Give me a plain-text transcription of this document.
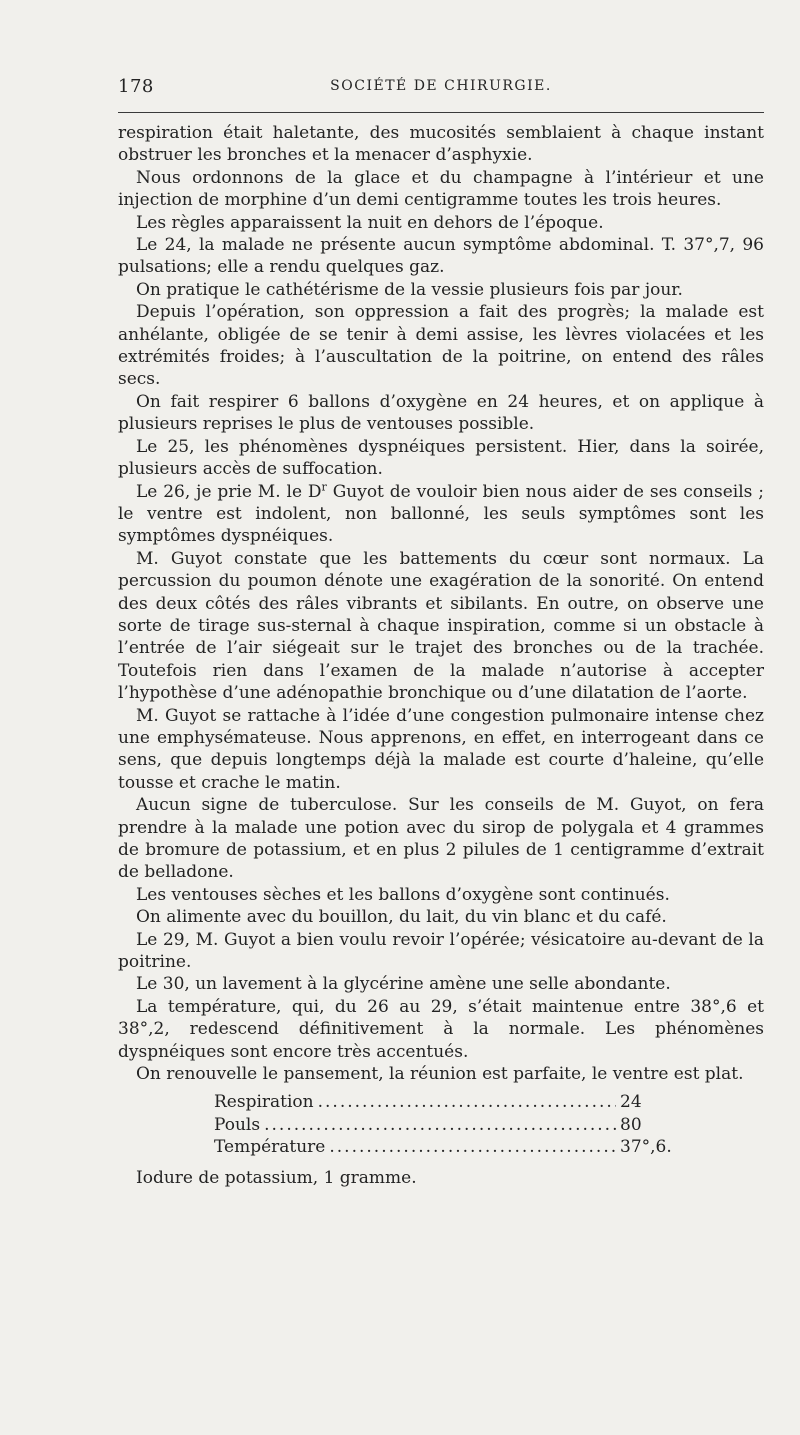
178	SOCIÉTÉ DE CHIRURGIE.

respiration était haletante, des mucosités semblaient à chaque instant obstruer les bronches et la menacer d’asphyxie.

Nous ordonnons de la glace et du champagne à l’intérieur et une injection de morphine d’un demi centigramme toutes les trois heures.

Les règles apparaissent la nuit en dehors de l’époque.

Le 24, la malade ne présente aucun symptôme abdominal. T. 37°,7, 96 pulsations; elle a rendu quelques gaz.

On pratique le cathétérisme de la vessie plusieurs fois par jour.

Depuis l’opération, son oppression a fait des progrès; la malade est anhélante, obligée de se tenir à demi assise, les lèvres violacées et les extrémités froides; à l’auscultation de la poitrine, on entend des râles secs.

On fait respirer 6 ballons d’oxygène en 24 heures, et on applique à plusieurs reprises le plus de ventouses possible.

Le 25, les phénomènes dyspnéiques persistent. Hier, dans la soirée, plusieurs accès de suffocation.

Le 26, je prie M. le $D^r$ Guyot de vouloir bien nous aider de ses conseils ; le ventre est indolent, non ballonné, les seuls symptômes sont les symptômes dyspnéiques.

M. Guyot constate que les battements du cœur sont normaux. La percussion du poumon dénote une exagération de la sonorité. On entend des deux côtés des râles vibrants et sibilants. En outre, on observe une sorte de tirage sus-sternal à chaque inspiration, comme si un obstacle à l’entrée de l’air siégeait sur le trajet des bronches ou de la trachée. Toutefois rien dans l’examen de la malade n’autorise à accepter l’hypothèse d’une adénopathie bronchique ou d’une dilatation de l’aorte.

M. Guyot se rattache à l’idée d’une congestion pulmonaire intense chez une emphysémateuse. Nous apprenons, en effet, en interrogeant dans ce sens, que depuis longtemps déjà la malade est courte d’haleine, qu’elle tousse et crache le matin.

Aucun signe de tuberculose. Sur les conseils de M. Guyot, on fera prendre à la malade une potion avec du sirop de polygala et 4 grammes de bromure de potassium, et en plus 2 pilules de 1 centigramme d’extrait de belladone.

Les ventouses sèches et les ballons d’oxygène sont continués.

On alimente avec du bouillon, du lait, du vin blanc et du café.

Le 29, M. Guyot a bien voulu revoir l’opérée; vésicatoire au-devant de la poitrine.

Le 30, un lavement à la glycérine amène une selle abondante.

La température, qui, du 26 au 29, s’était maintenue entre 38°,6 et 38°,2, redescend définitivement à la normale. Les phénomènes dyspnéiques sont encore très accentués.

On renouvelle le pansement, la réunion est parfaite, le ventre est plat.

Respiration .....	24
Pouls .....	80
Température .....	37°,6.

Iodure de potassium, 1 gramme.
